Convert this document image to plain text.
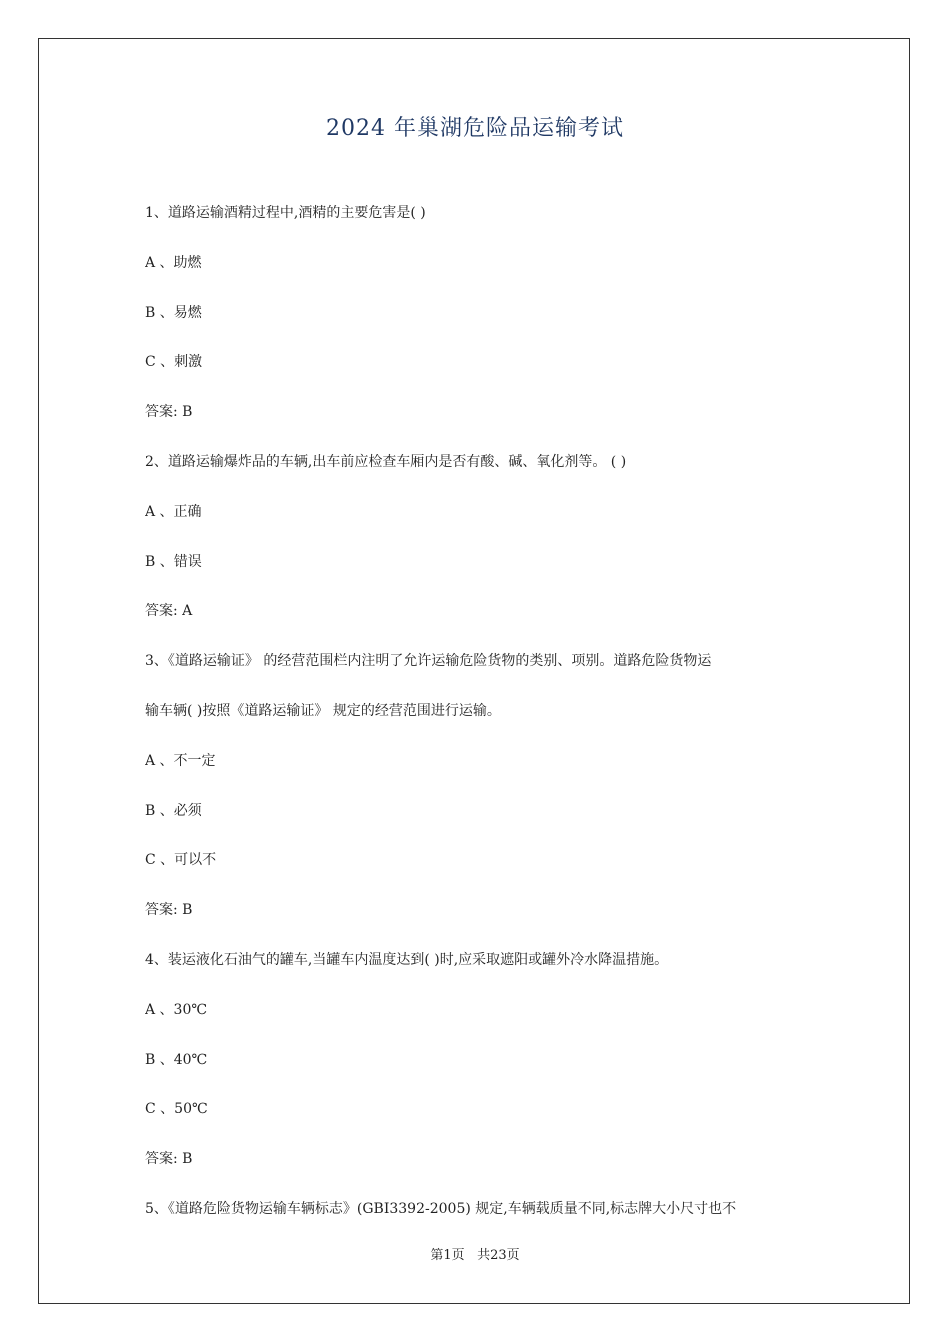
2024 年巢湖危险品运输考试
1、道路运输酒精过程中,酒精的主要危害是( )
A 、助燃
B 、易燃
C 、刺激
答案: B
2、道路运输爆炸品的车辆,出车前应检查车厢内是否有酸、碱、氧化剂等。 ( )
A 、正确
B 、错误
答案: A
3、《道路运输证》 的经营范围栏内注明了允许运输危险货物的类别、项别。道路危险货物运
输车辆( )按照《道路运输证》 规定的经营范围进行运输。
A 、不一定
B 、必须
C 、可以不
答案: B
4、装运液化石油气的罐车,当罐车内温度达到( )时,应采取遮阳或罐外冷水降温措施。
A 、30℃
B 、40℃
C 、50℃
答案: B
5、《道路危险货物运输车辆标志》(GBI3392-2005) 规定,车辆载质量不同,标志牌大小尺寸也不
第1页 共23页
